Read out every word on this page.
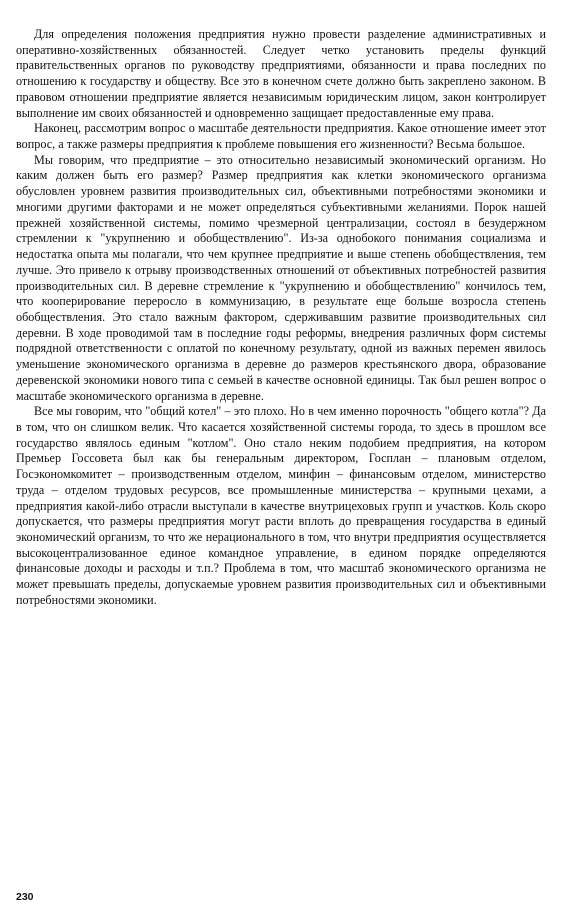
Для определения положения предприятия нужно провести разделение административных и оперативно-хозяйственных обязанностей. Следует четко установить пределы функций правительственных органов по руководству предприятиями, обязанности и права последних по отношению к государству и обществу. Все это в конечном счете должно быть закреплено законом. В правовом отношении предприятие является независимым юридическим лицом, закон контролирует выполнение им своих обязанностей и одновременно защищает предоставленные ему права.

Наконец, рассмотрим вопрос о масштабе деятельности предприятия. Какое отношение имеет этот вопрос, а также размеры предприятия к проблеме повышения его жизненности? Весьма большое.

Мы говорим, что предприятие – это относительно независимый экономический организм. Но каким должен быть его размер? Размер предприятия как клетки экономического организма обусловлен уровнем развития производительных сил, объективными потребностями экономики и многими другими факторами и не может определяться субъективными желаниями. Порок нашей прежней хозяйственной системы, помимо чрезмерной централизации, состоял в безудержном стремлении к "укрупнению и обобществлению". Из-за однобокого понимания социализма и недостатка опыта мы полагали, что чем крупнее предприятие и выше степень обобществления, тем лучше. Это привело к отрыву производственных отношений от объективных потребностей развития производительных сил. В деревне стремление к "укрупнению и обобществлению" кончилось тем, что кооперирование переросло в коммунизацию, в результате еще больше возросла степень обобществления. Это стало важным фактором, сдерживавшим развитие производительных сил деревни. В ходе проводимой там в последние годы реформы, внедрения различных форм системы подрядной ответственности с оплатой по конечному результату, одной из важных перемен явилось уменьшение экономического организма в деревне до размеров крестьянского двора, образование деревенской экономики нового типа с семьей в качестве основной единицы. Так был решен вопрос о масштабе экономического организма в деревне.

Все мы говорим, что "общий котел" – это плохо. Но в чем именно порочность "общего котла"? Да в том, что он слишком велик. Что касается хозяйственной системы города, то здесь в прошлом все государство являлось единым "котлом". Оно стало неким подобием предприятия, на котором Премьер Госсовета был как бы генеральным директором, Госплан – плановым отделом, Госэкономкомитет – производственным отделом, минфин – финансовым отделом, министерство труда – отделом трудовых ресурсов, все промышленные министерства – крупными цехами, а предприятия какой-либо отрасли выступали в качестве внутрицеховых групп и участков. Коль скоро допускается, что размеры предприятия могут расти вплоть до превращения государства в единый экономический организм, то что же нерационального в том, что внутри предприятия осуществляется высокоцентрализованное единое командное управление, в едином порядке определяются финансовые доходы и расходы и т.п.? Проблема в том, что масштаб экономического организма не может превышать пределы, допускаемые уровнем развития производительных сил и объективными потребностями экономики.

230
